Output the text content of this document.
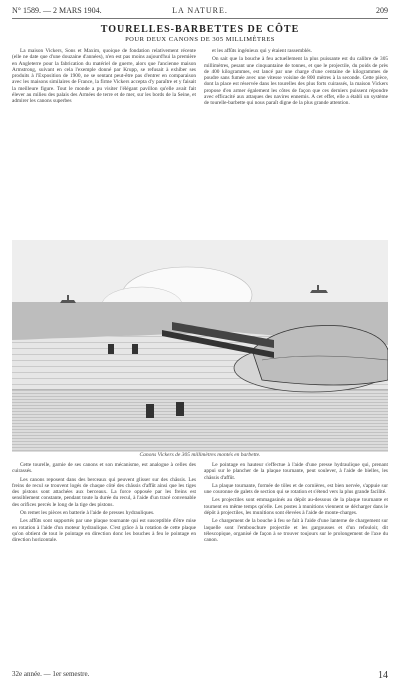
N° 1589. — 2 MARS 1904.	LA NATURE.	209
TOURELLES-BARBETTES DE CÔTE
POUR DEUX CANONS DE 305 MILLIMÈTRES

La maison Vickers, Sons et Maxim, quoique de fondation relativement récente (elle ne date que d'une douzaine d'années), n'en est pas moins aujourd'hui la première en Angleterre pour la fabrication du matériel de guerre, alors que l'ancienne maison Armstrong, suivant en cela l'exemple donné par Krupp, se refusait à exhiber ses produits à l'Exposition de 1900, ne se sentant peut-être pas d'entrer en comparaison avec les maisons similaires de France, la firme Vickers accepta d'y paraître et y faisait la meilleure figure. Tout le monde a pu visiter l'élégant pavillon qu'elle avait fait élever au milieu des palais des Armées de terre et de mer, sur les bords de la Seine, et admirer les canons superbes

et les affûts ingénieux qui y étaient rassemblés.

On sait que la bouche à feu actuellement la plus puissante est du calibre de 305 millimètres, pesant une cinquantaine de tonnes, et que le projectile, du poids de près de 400 kilogrammes, est lancé par une charge d'une centaine de kilogrammes de poudre sans fumée avec une vitesse voisine de 800 mètres à la seconde. Cette pièce, dont la place est réservée dans les tourelles des plus forts cuirassés, la maison Vickers propose d'en armer également les côtes de façon que ces derniers puissent répondre avec efficacité aux attaques des navires ennemis. A cet effet, elle a établi un système de tourelle-barbette qui nous paraît digne de la plus grande attention.

Canons Vickers de 305 millimètres montés en barbette.

Cette tourelle, garnie de ses canons et son mécanisme, est analogue à celles des cuirassés.

Les canons reposent dans des berceaux qui peuvent glisser sur des châssis. Les freins de recul se trouvent logés de chaque côté des châssis d'affût ainsi que les tiges des pistons sont attachées aux berceaux. La force opposée par les freins est sensiblement constante, pendant toute la durée du recul, à l'aide d'un tracé convenable des orifices percés le long de la tige des pistons.

On remet les pièces en batterie à l'aide de presses hydrauliques.

Les affûts sont supportés par une plaque tournante qui est susceptible d'être mise en rotation à l'aide d'un moteur hydraulique. C'est grâce à la rotation de cette plaque qu'on obtient de tout le pointage en direction donc les bouches à feu le pointage en direction horizontale.

Le pointage en hauteur s'effectue à l'aide d'une presse hydraulique qui, prenant appui sur le plancher de la plaque tournante, peut soulever, à l'aide de bielles, les châssis d'affût.

La plaque tournante, formée de tôles et de cornières, est bien nervée, s'appuie sur une couronne de galets de section qui se rotation et s'étend vers la plus grande facilité.

Les projectiles sont emmagasinés au dépôt au-dessous de la plaque tournante et tournent en même temps qu'elle. Les postes à munitions viennent se décharger dans le dépôt à projectiles, les munitions sont élevées à l'aide de monte-charges.

Le chargement de la bouche à feu se fait à l'aide d'une lanterne de chargement sur laquelle sont l'embouchure projectile et les gargousses et d'un refouloir, dit télescopique, organisé de façon à se trouver toujours sur le prolongement de l'axe du canon.

32e année. — 1er semestre.	14
